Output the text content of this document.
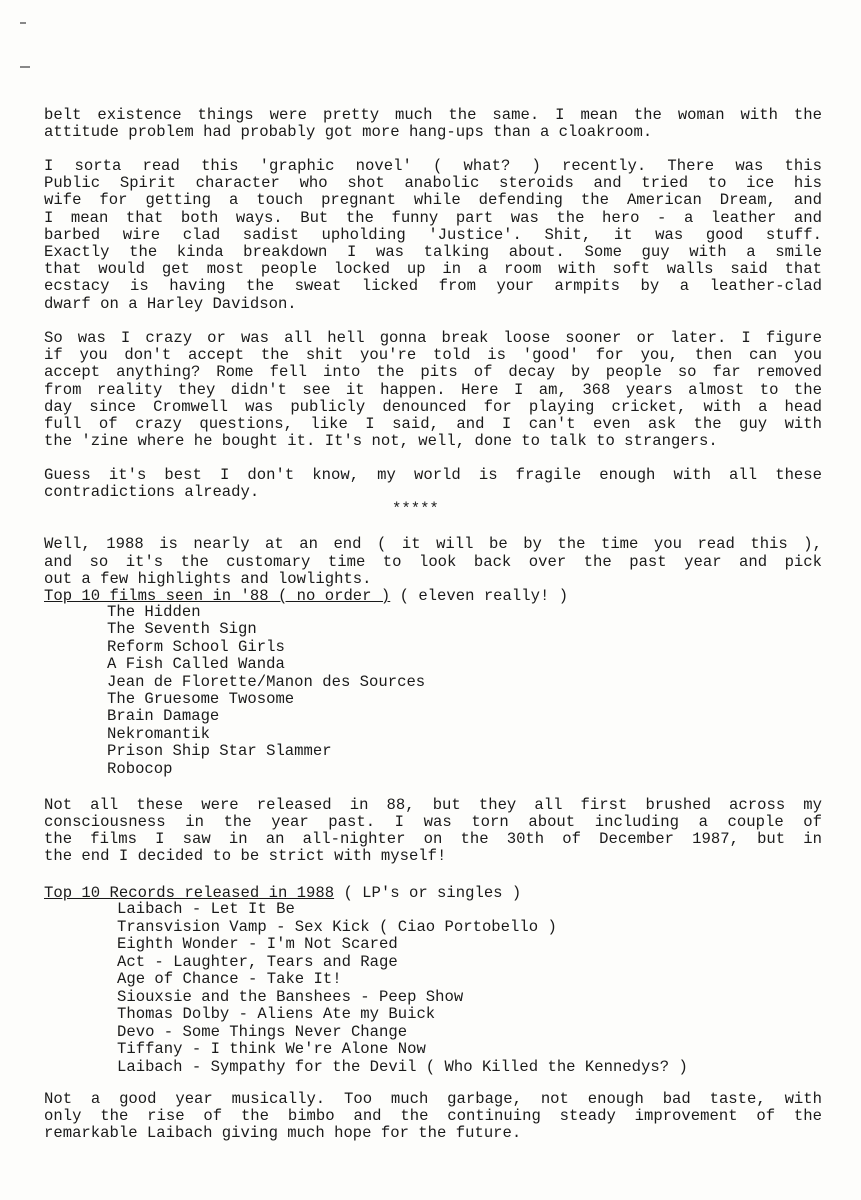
belt existence things were pretty much the same. I mean the woman with the
attitude problem had probably got more hang-ups than a cloakroom.
I sorta read this 'graphic novel' ( what? ) recently. There was this
Public Spirit character who shot anabolic steroids and tried to ice his
wife for getting a touch pregnant while defending the American Dream, and
I mean that both ways. But the funny part was the hero - a leather and
barbed wire clad sadist upholding 'Justice'. Shit, it was good stuff.
Exactly the kinda breakdown I was talking about. Some guy with a smile
that would get most people locked up in a room with soft walls said that
ecstacy is having the sweat licked from your armpits by a leather-clad
dwarf on a Harley Davidson.
So was I crazy or was all hell gonna break loose sooner or later. I figure
if you don't accept the shit you're told is 'good' for you, then can you
accept anything? Rome fell into the pits of decay by people so far removed
from reality they didn't see it happen. Here I am, 368 years almost to the
day since Cromwell was publicly denounced for playing cricket, with a head
full of crazy questions, like I said, and I can't even ask the guy with
the 'zine where he bought it. It's not, well, done to talk to strangers.
Guess it's best I don't know, my world is fragile enough with all these
contradictions already.
*****
Well, 1988 is nearly at an end ( it will be by the time you read this ),
and so it's the customary time to look back over the past year and pick
out a few highlights and lowlights.
Top 10 films seen in '88 ( no order ) ( eleven really! )
The Hidden
The Seventh Sign
Reform School Girls
A Fish Called Wanda
Jean de Florette/Manon des Sources
The Gruesome Twosome
Brain Damage
Nekromantik
Prison Ship Star Slammer
Robocop
Not all these were released in 88, but they all first brushed across my
consciousness in the year past. I was torn about including a couple of
the films I saw in an all-nighter on the 30th of December 1987, but in
the end I decided to be strict with myself!
Top 10 Records released in 1988 ( LP's or singles )
Laibach - Let It Be
Transvision Vamp - Sex Kick ( Ciao Portobello )
Eighth Wonder - I'm Not Scared
Act - Laughter, Tears and Rage
Age of Chance - Take It!
Siouxsie and the Banshees - Peep Show
Thomas Dolby - Aliens Ate my Buick
Devo - Some Things Never Change
Tiffany - I think We're Alone Now
Laibach - Sympathy for the Devil ( Who Killed the Kennedys? )
Not a good year musically. Too much garbage, not enough bad taste, with
only the rise of the bimbo and the continuing steady improvement of the
remarkable Laibach giving much hope for the future.
